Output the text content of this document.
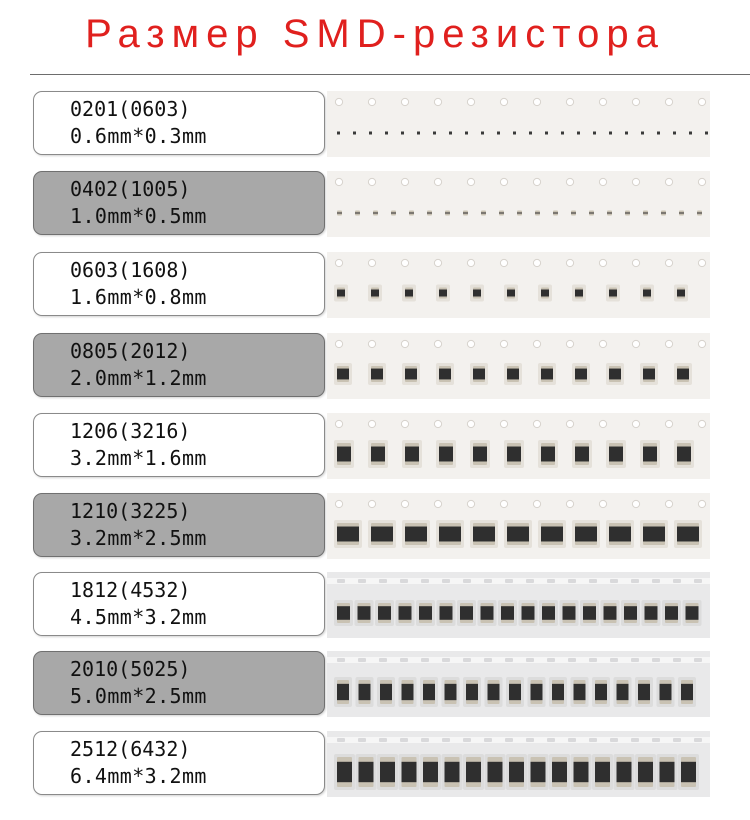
Размер SMD-резистора
0201(0603)
0.6mm*0.3mm
0402(1005)
1.0mm*0.5mm
0603(1608)
1.6mm*0.8mm
0805(2012)
2.0mm*1.2mm
1206(3216)
3.2mm*1.6mm
1210(3225)
3.2mm*2.5mm
1812(4532)
4.5mm*3.2mm
2010(5025)
5.0mm*2.5mm
2512(6432)
6.4mm*3.2mm
